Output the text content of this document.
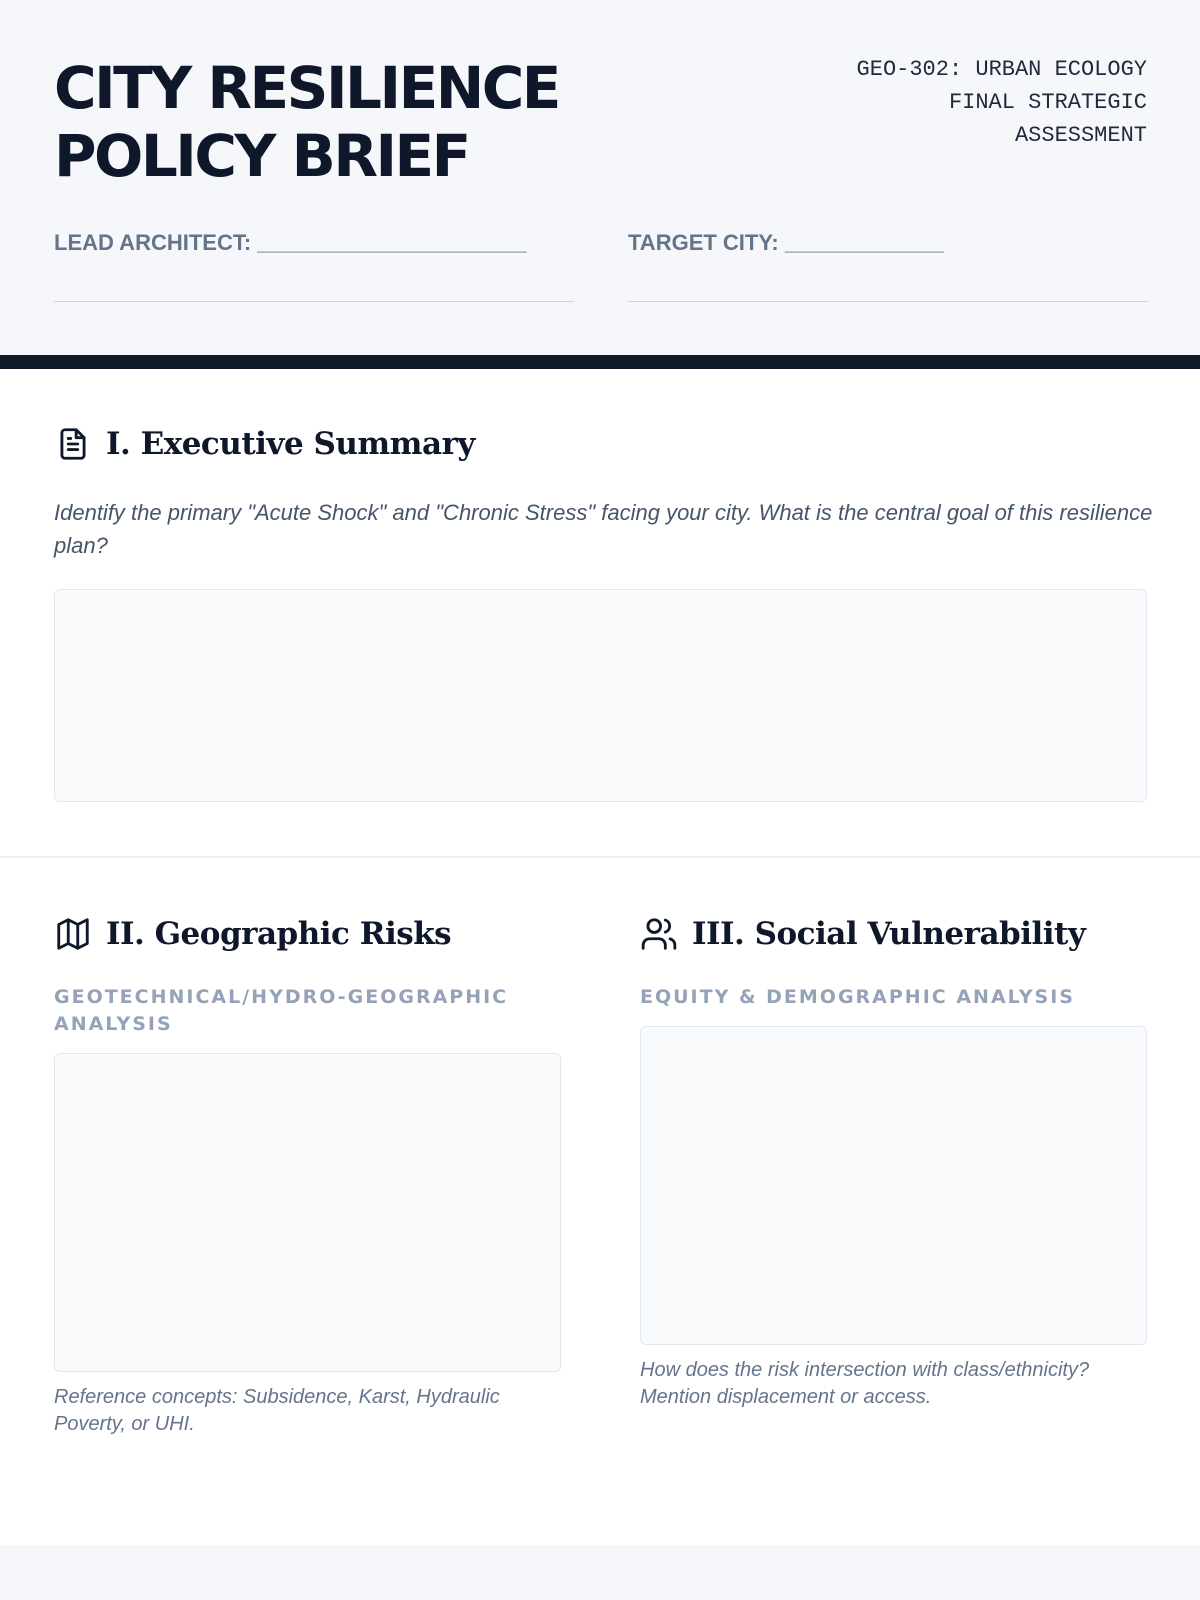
CITY RESILIENCE POLICY BRIEF
GEO-302: URBAN ECOLOGY
FINAL STRATEGIC
ASSESSMENT
LEAD ARCHITECT: ______________________	TARGET CITY: _____________
I. Executive Summary

Identify the primary "Acute Shock" and "Chronic Stress" facing your city. What is the central goal of this resilience plan?

II. Geographic Risks
GEOTECHNICAL/HYDRO-GEOGRAPHIC ANALYSIS
Reference concepts: Subsidence, Karst, Hydraulic Poverty, or UHI.
III. Social Vulnerability
EQUITY & DEMOGRAPHIC ANALYSIS
How does the risk intersection with class/ethnicity? Mention displacement or access.
